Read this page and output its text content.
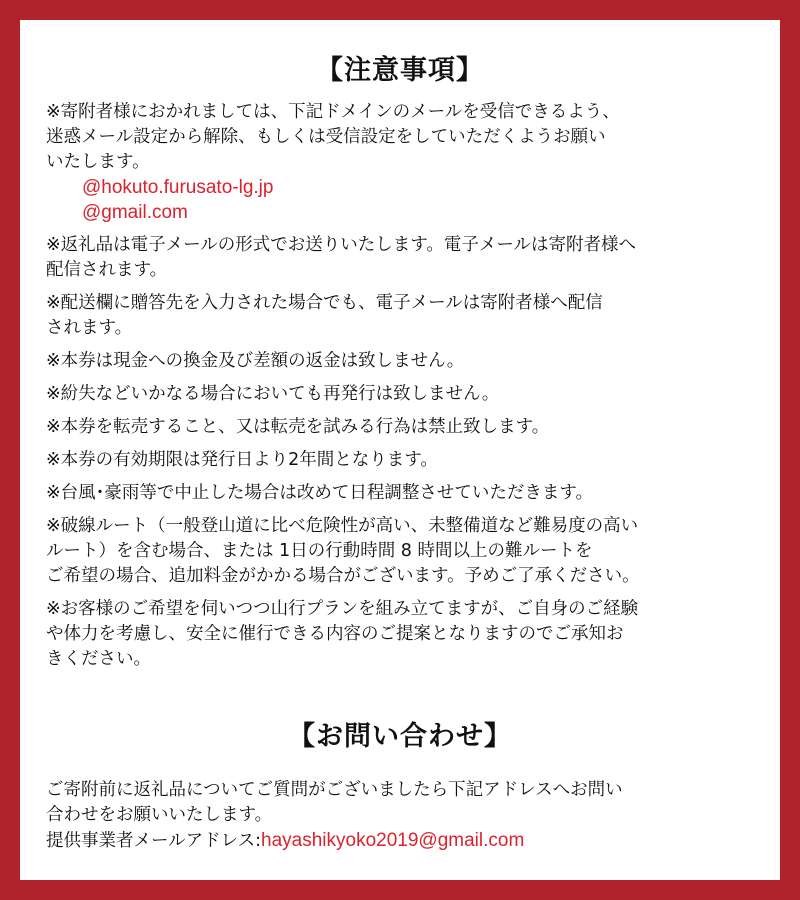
【注意事項】
※寄附者様におかれましては、下記ドメインのメールを受信できるよう、
迷惑メール設定から解除、もしくは受信設定をしていただくようお願い
いたします。
@hokuto.furusato-lg.jp
@gmail.com
※返礼品は電子メールの形式でお送りいたします。電子メールは寄附者様へ
配信されます。
※配送欄に贈答先を入力された場合でも、電子メールは寄附者様へ配信
されます。
※本券は現金への換金及び差額の返金は致しません。
※紛失などいかなる場合においても再発行は致しません。
※本券を転売すること、又は転売を試みる行為は禁止致します。
※本券の有効期限は発行日より2年間となります。
※台風･豪雨等で中止した場合は改めて日程調整させていただきます。
※破線ルート（一般登山道に比べ危険性が高い、未整備道など難易度の高い
ルート）を含む場合、または 1日の行動時間 8 時間以上の難ルートを
ご希望の場合、追加料金がかかる場合がございます。予めご了承ください。
※お客様のご希望を伺いつつ山行プランを組み立てますが、ご自身のご経験
や体力を考慮し、安全に催行できる内容のご提案となりますのでご承知お
きください。
【お問い合わせ】
ご寄附前に返礼品についてご質問がございましたら下記アドレスへお問い
合わせをお願いいたします。
提供事業者メールアドレス:hayashikyoko2019@gmail.com
